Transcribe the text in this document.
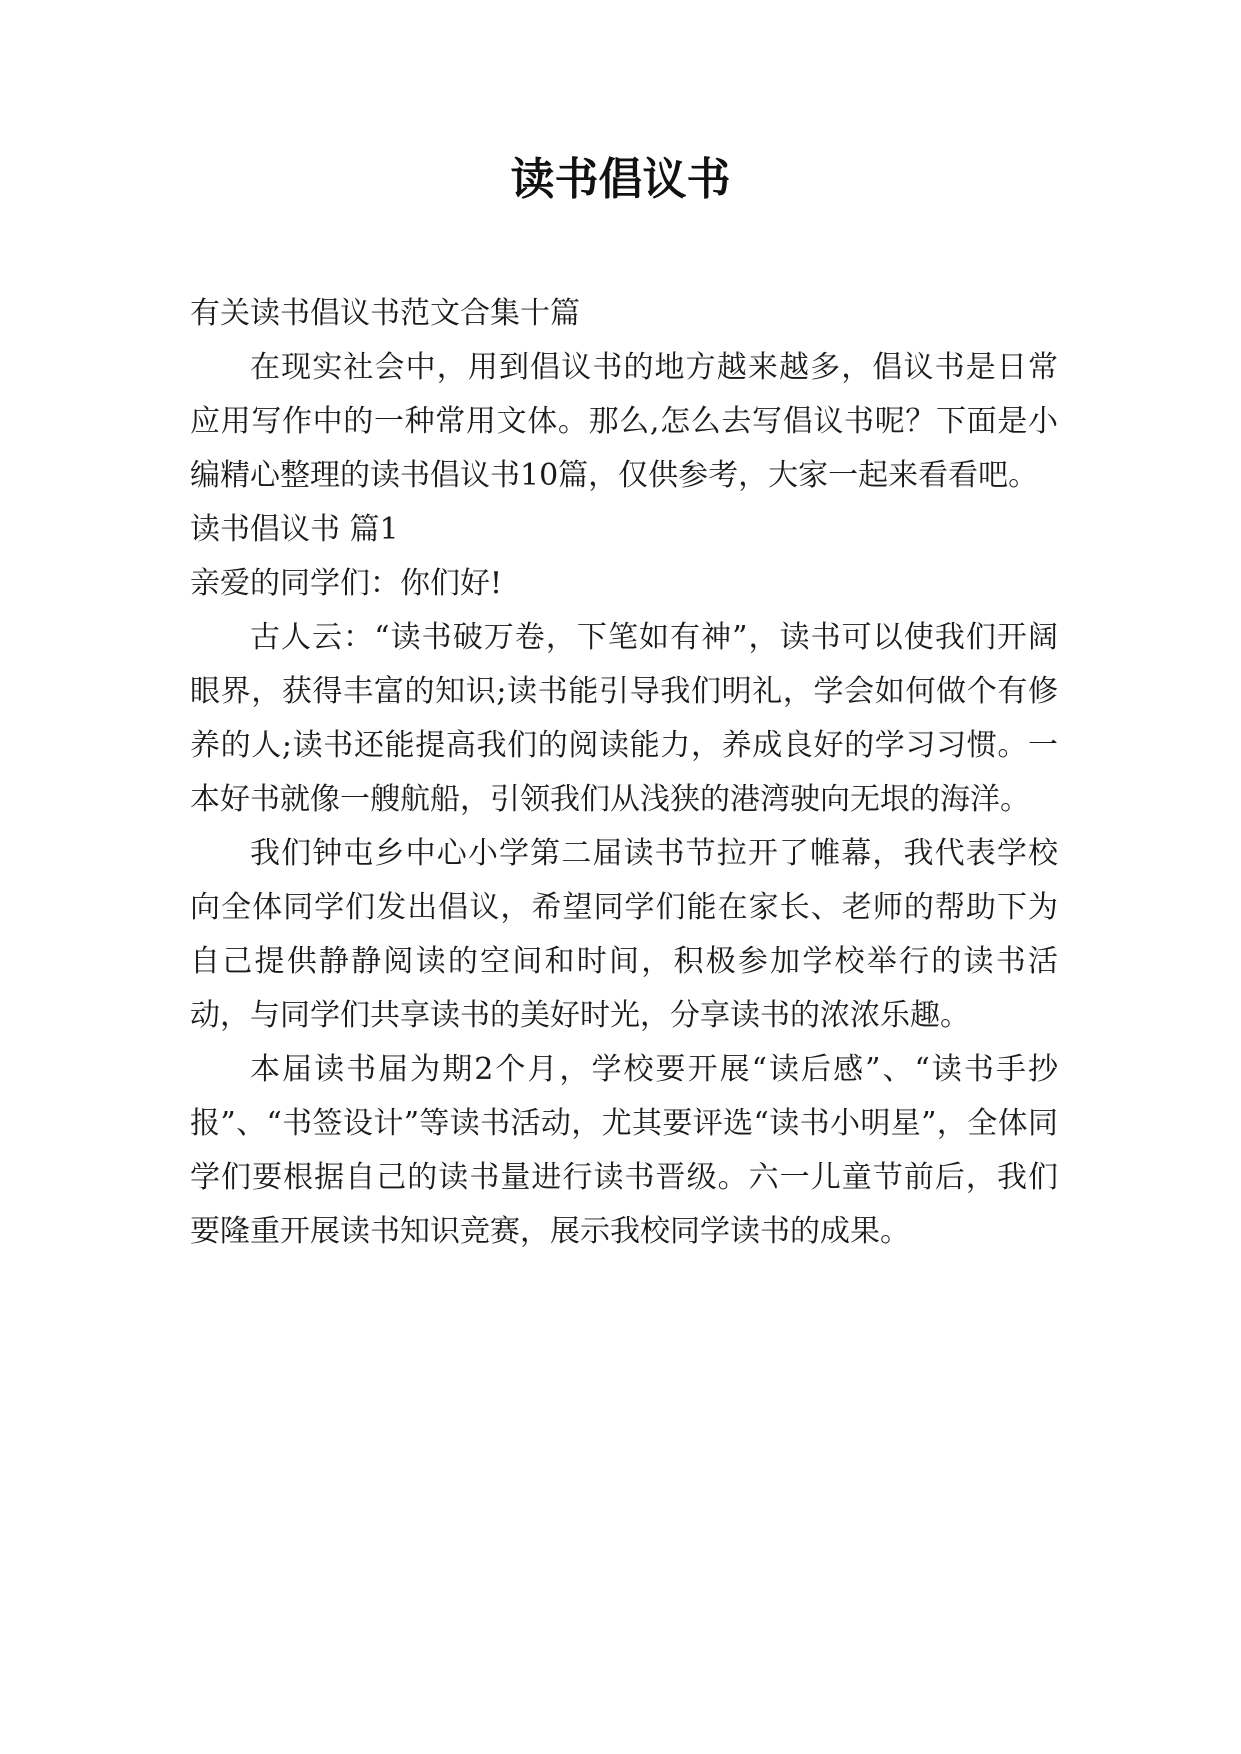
读书倡议书

有关读书倡议书范文合集十篇

在现实社会中，用到倡议书的地方越来越多，倡议书是日常应用写作中的一种常用文体。那么,怎么去写倡议书呢？下面是小编精心整理的读书倡议书10篇，仅供参考，大家一起来看看吧。

读书倡议书 篇1

亲爱的同学们：你们好!

古人云：“读书破万卷，下笔如有神”，读书可以使我们开阔眼界，获得丰富的知识;读书能引导我们明礼，学会如何做个有修养的人;读书还能提高我们的阅读能力，养成良好的学习习惯。一本好书就像一艘航船，引领我们从浅狭的港湾驶向无垠的海洋。

我们钟屯乡中心小学第二届读书节拉开了帷幕，我代表学校向全体同学们发出倡议，希望同学们能在家长、老师的帮助下为自己提供静静阅读的空间和时间，积极参加学校举行的读书活动，与同学们共享读书的美好时光，分享读书的浓浓乐趣。

本届读书届为期2个月，学校要开展“读后感”、“读书手抄报”、“书签设计”等读书活动，尤其要评选“读书小明星”，全体同学们要根据自己的读书量进行读书晋级。六一儿童节前后，我们要隆重开展读书知识竞赛，展示我校同学读书的成果。
